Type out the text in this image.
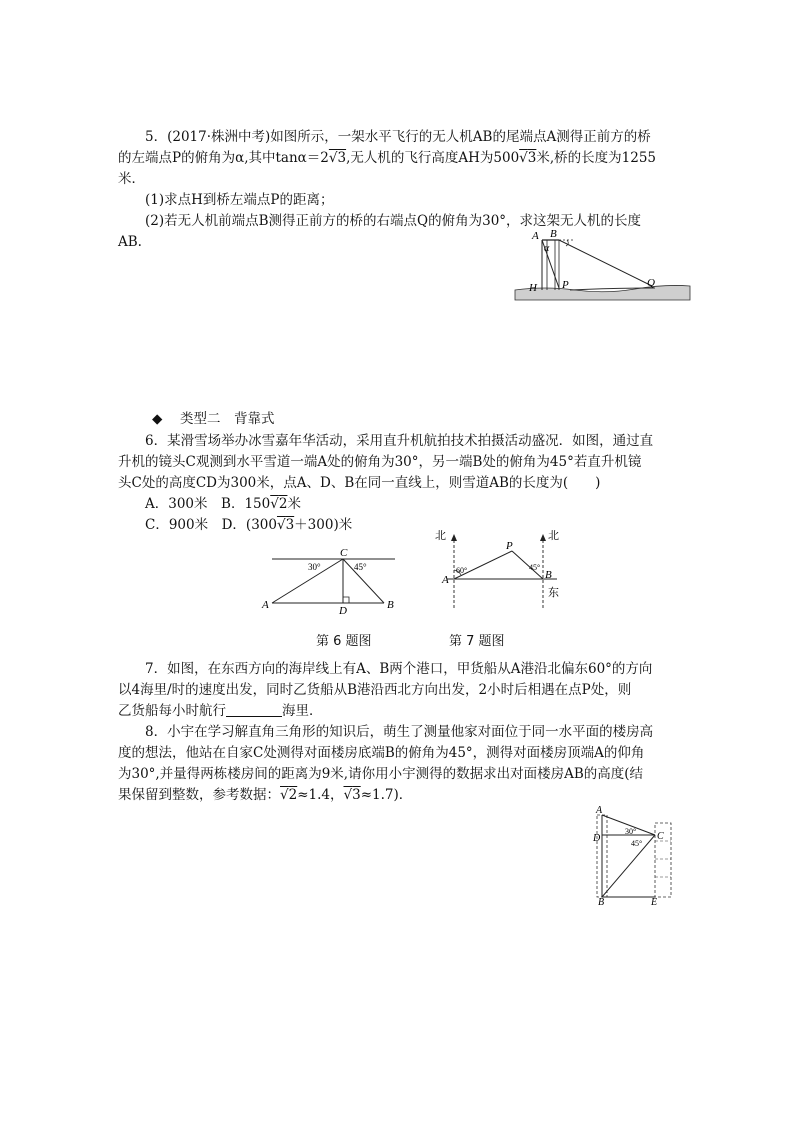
5．(2017·株洲中考)如图所示，一架水平飞行的无人机AB的尾端点A测得正前方的桥

的左端点P的俯角为α,其中tanα＝2√3,无人机的飞行高度AH为500√3米,桥的长度为1255

米．

(1)求点H到桥左端点P的距离；

(2)若无人机前端点B测得正前方的桥的右端点Q的俯角为30°，求这架无人机的长度

AB.	A B
α
H P	Q
◆ 类型二　背靠式

6．某滑雪场举办冰雪嘉年华活动，采用直升机航拍技术拍摄活动盛况．如图，通过直

升机的镜头C观测到水平雪道一端A处的俯角为30°，另一端B处的俯角为45°若直升机镜

头C处的高度CD为300米，点A、D、B在同一直线上，则雪道AB的长度为(　　)

A．300米　 B．150√2米

C．900米　 D．(300√3＋300)米

C
A	D	B
30°	45°
北	北
东
A	B
P
60°	45°
第 6 题图	第 7 题图

7．如图，在东西方向的海岸线上有A、B两个港口，甲货船从A港沿北偏东60°的方向

以4海里/时的速度出发，同时乙货船从B港沿西北方向出发，2小时后相遇在点P处，则

乙货船每小时航行	海里．

8．小宇在学习解直角三角形的知识后，萌生了测量他家对面位于同一水平面的楼房高

度的想法，他站在自家C处测得对面楼房底端B的俯角为45°，测得对面楼房顶端A的仰角

为30°,并量得两栋楼房间的距离为9米,请你用小宇测得的数据求出对面楼房AB的高度(结

果保留到整数，参考数据：√2≈1.4，√3≈1.7)．

A
D	C
B	E
30°
45°
